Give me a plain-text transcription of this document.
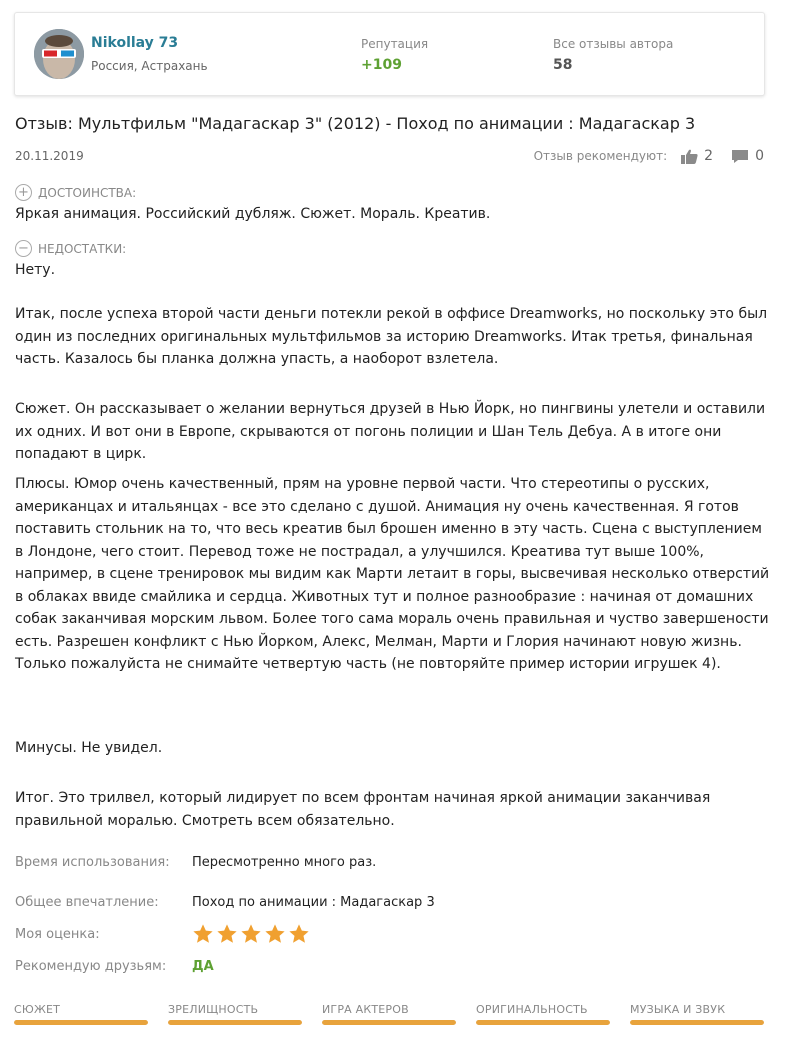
Nikollay 73
Россия, Астрахань
Репутация
+109
Все отзывы автора
58
Отзыв: Мультфильм "Мадагаскар 3" (2012) - Поход по анимации : Мадагаскар 3
20.11.2019	Отзыв рекомендуют:	2	0
+ ДОСТОИНСТВА:
Яркая анимация. Российский дубляж. Сюжет. Мораль. Креатив.
− НЕДОСТАТКИ:
Нету.
Итак, после успеха второй части деньги потекли рекой в оффисе Dreamworks, но поскольку это был один из последних оригинальных мультфильмов за историю Dreamworks. Итак третья, финальная часть. Казалось бы планка должна упасть, а наоборот взлетела.
Сюжет. Он рассказывает о желании вернуться друзей в Нью Йорк, но пингвины улетели и оставили их одних. И вот они в Европе, скрываются от погонь полиции и Шан Тель Дебуа. А в итоге они попадают в цирк.
Плюсы. Юмор очень качественный, прям на уровне первой части. Что стереотипы о русских, американцах и итальянцах - все это сделано с душой. Анимация ну очень качественная. Я готов поставить стольник на то, что весь креатив был брошен именно в эту часть. Сцена с выступлением в Лондоне, чего стоит. Перевод тоже не пострадал, а улучшился. Креатива тут выше 100%, например, в сцене тренировок мы видим как Марти летаит в горы, высвечивая несколько отверстий в облаках ввиде смайлика и сердца. Животных тут и полное разнообразие : начиная от домашних собак заканчивая морским львом. Более того сама мораль очень правильная и чуство завершености есть. Разрешен конфликт с Нью Йорком, Алекс, Мелман, Марти и Глория начинают новую жизнь. Только пожалуйста не снимайте четвертую часть (не повторяйте пример истории игрушек 4).
Минусы. Не увидел.
Итог. Это трилвел, который лидирует по всем фронтам начиная яркой анимации заканчивая правильной моралью. Смотреть всем обязательно.
Время использования: Пересмотренно много раз.
Общее впечатление:	Поход по анимации : Мадагаскар 3
Моя оценка:
Рекомендую друзьям: ДА
СЮЖЕТ	ЗРЕЛИЩНОСТЬ	ИГРА АКТЕРОВ	ОРИГИНАЛЬНОСТЬ	МУЗЫКА И ЗВУК
